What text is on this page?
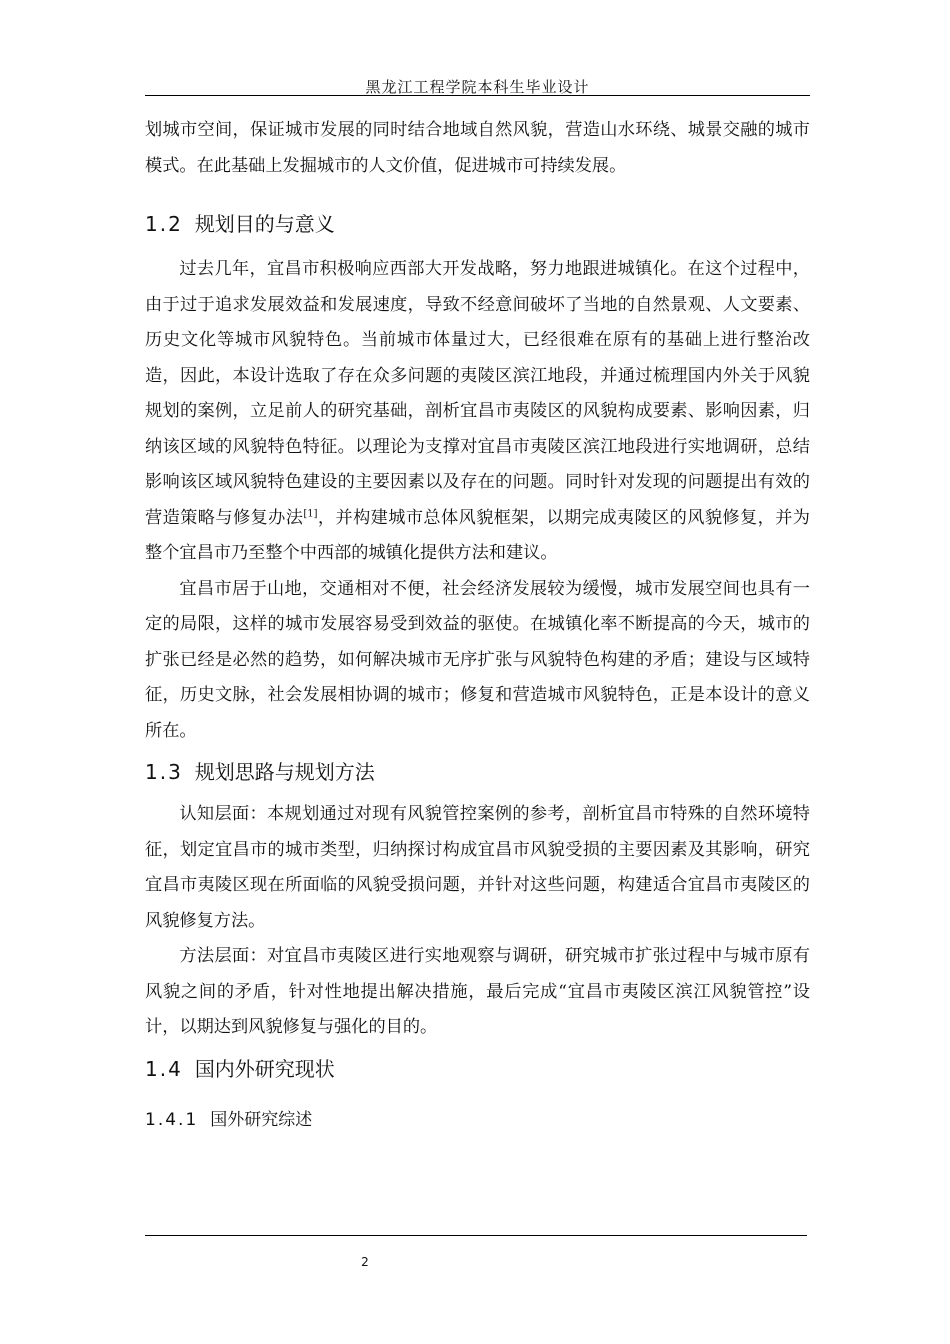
黑龙江工程学院本科生毕业设计

划城市空间，保证城市发展的同时结合地域自然风貌，营造山水环绕、城景交融的城市模式。在此基础上发掘城市的人文价值，促进城市可持续发展。

1.2 规划目的与意义

过去几年，宜昌市积极响应西部大开发战略，努力地跟进城镇化。在这个过程中，由于过于追求发展效益和发展速度，导致不经意间破坏了当地的自然景观、人文要素、历史文化等城市风貌特色。当前城市体量过大，已经很难在原有的基础上进行整治改造，因此，本设计选取了存在众多问题的夷陵区滨江地段，并通过梳理国内外关于风貌规划的案例，立足前人的研究基础，剖析宜昌市夷陵区的风貌构成要素、影响因素，归纳该区域的风貌特色特征。以理论为支撑对宜昌市夷陵区滨江地段进行实地调研，总结影响该区域风貌特色建设的主要因素以及存在的问题。同时针对发现的问题提出有效的营造策略与修复办法[1]，并构建城市总体风貌框架，以期完成夷陵区的风貌修复，并为整个宜昌市乃至整个中西部的城镇化提供方法和建议。

宜昌市居于山地，交通相对不便，社会经济发展较为缓慢，城市发展空间也具有一定的局限，这样的城市发展容易受到效益的驱使。在城镇化率不断提高的今天，城市的扩张已经是必然的趋势，如何解决城市无序扩张与风貌特色构建的矛盾；建设与区域特征，历史文脉，社会发展相协调的城市；修复和营造城市风貌特色，正是本设计的意义所在。

1.3 规划思路与规划方法

认知层面：本规划通过对现有风貌管控案例的参考，剖析宜昌市特殊的自然环境特征，划定宜昌市的城市类型，归纳探讨构成宜昌市风貌受损的主要因素及其影响，研究宜昌市夷陵区现在所面临的风貌受损问题，并针对这些问题，构建适合宜昌市夷陵区的风貌修复方法。

方法层面：对宜昌市夷陵区进行实地观察与调研，研究城市扩张过程中与城市原有风貌之间的矛盾，针对性地提出解决措施，最后完成“宜昌市夷陵区滨江风貌管控”设计，以期达到风貌修复与强化的目的。

1.4 国内外研究现状
1.4.1 国外研究综述
2
